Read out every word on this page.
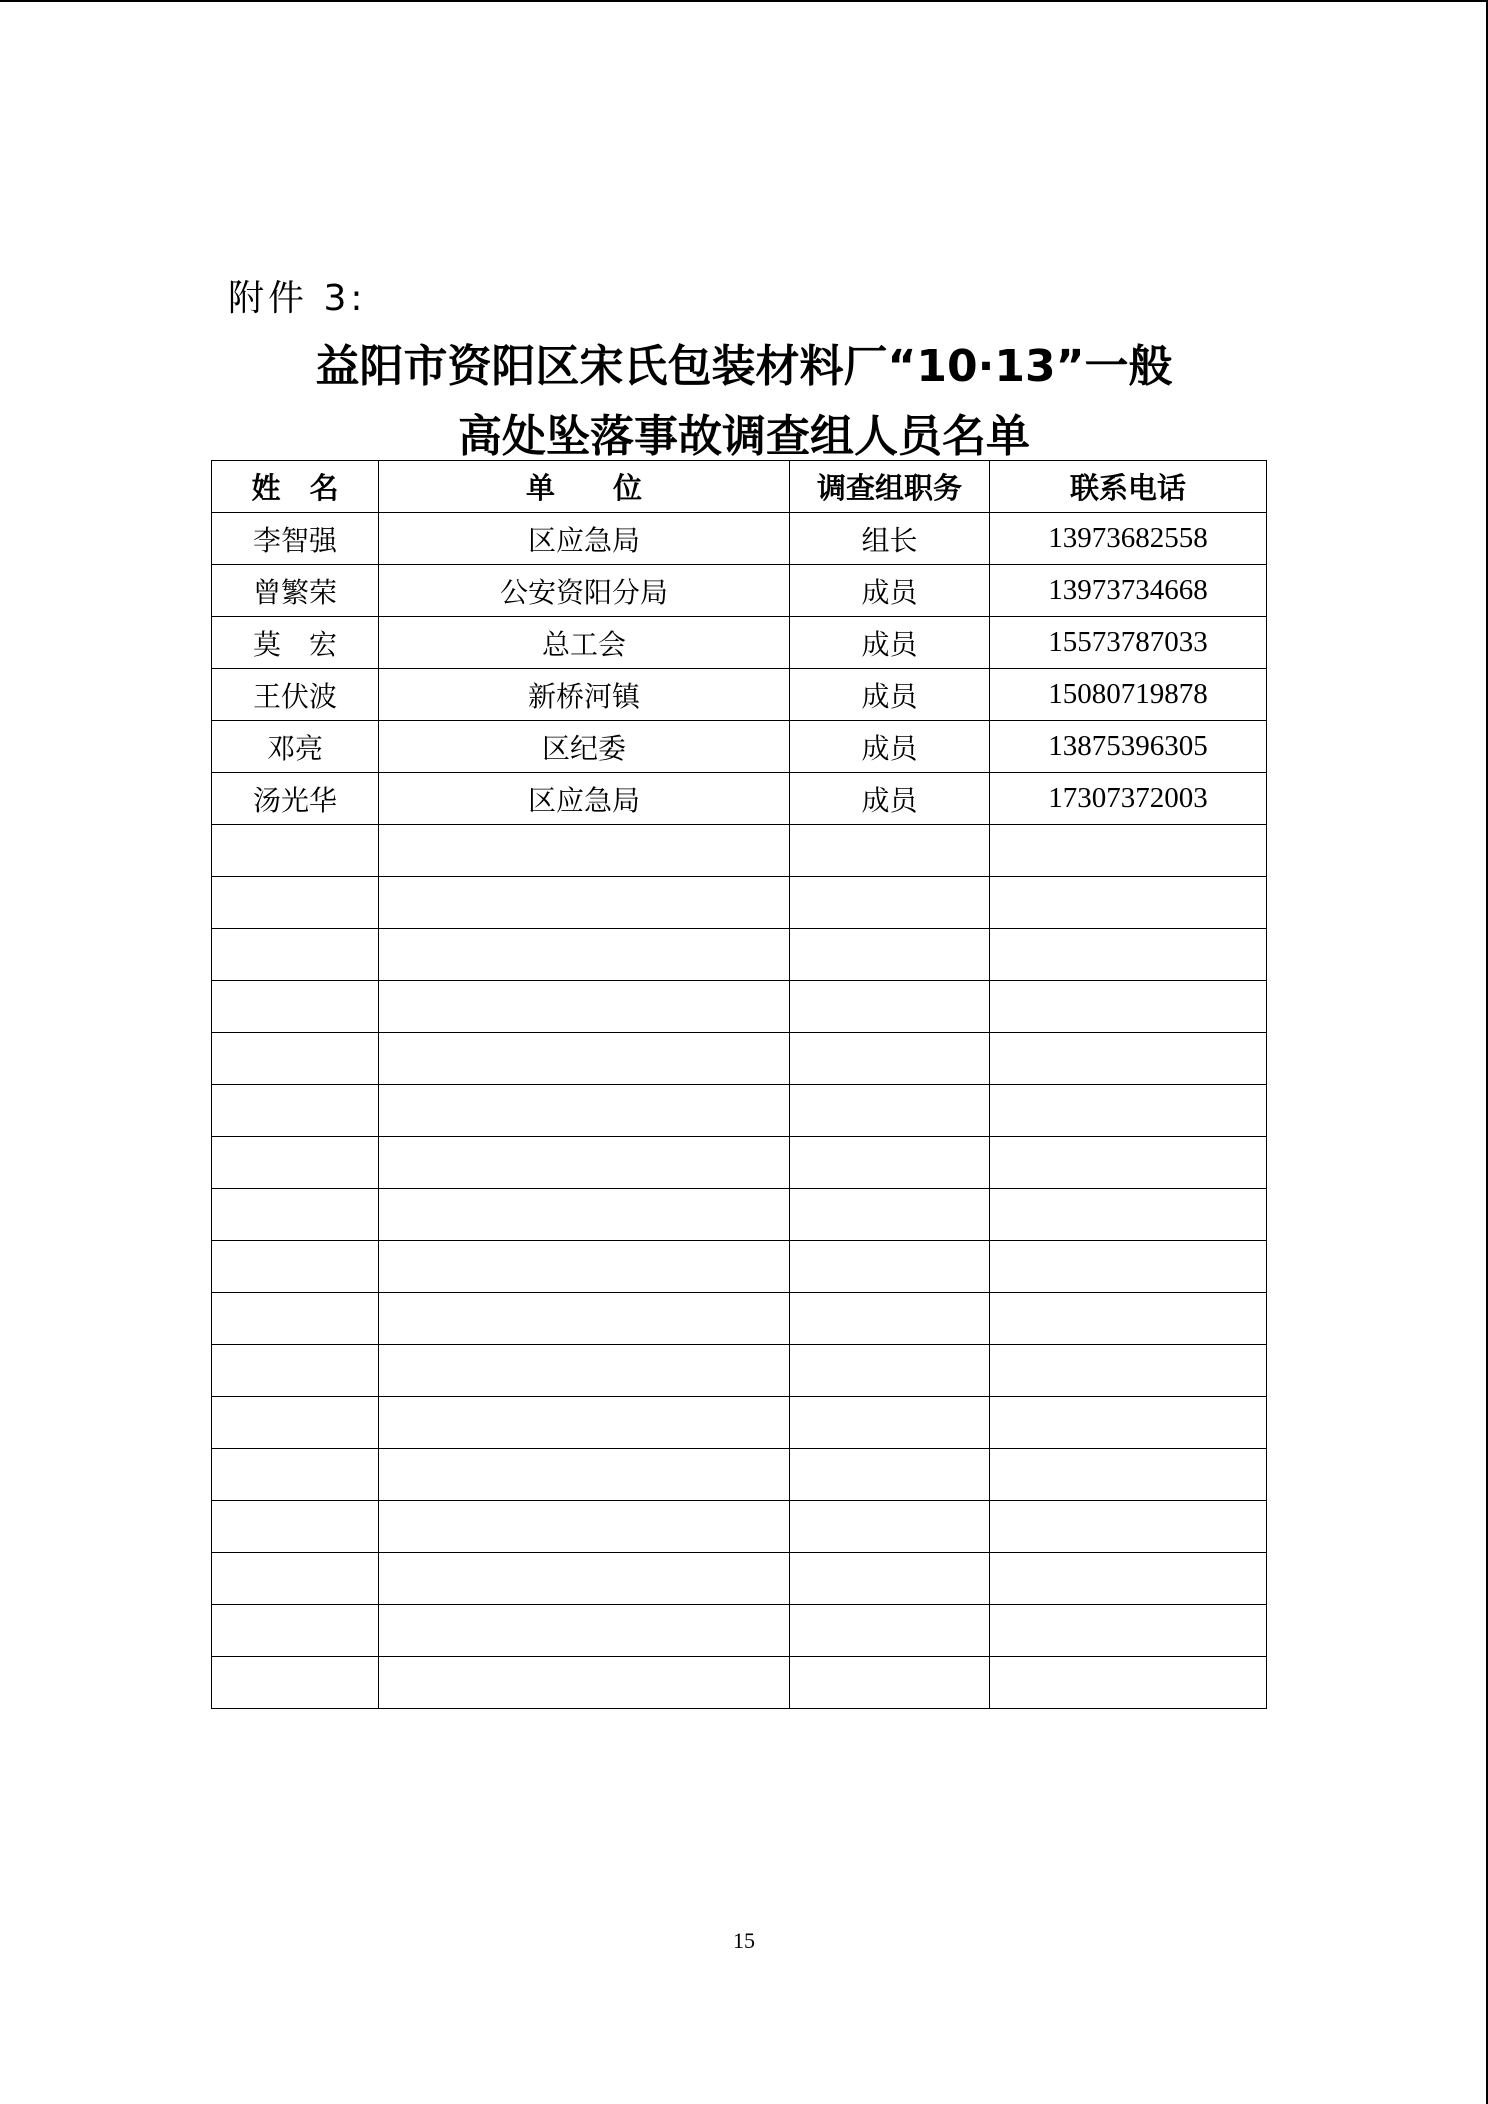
附件 3:
益阳市资阳区宋氏包装材料厂“10·13”一般
高处坠落事故调查组人员名单
姓　名	单　　位	调查组职务	联系电话
李智强	区应急局	组长	13973682558
曾繁荣	公安资阳分局	成员	13973734668
莫　宏	总工会	成员	15573787033
王伏波	新桥河镇	成员	15080719878
邓亮	区纪委	成员	13875396305
汤光华	区应急局	成员	17307372003

15
